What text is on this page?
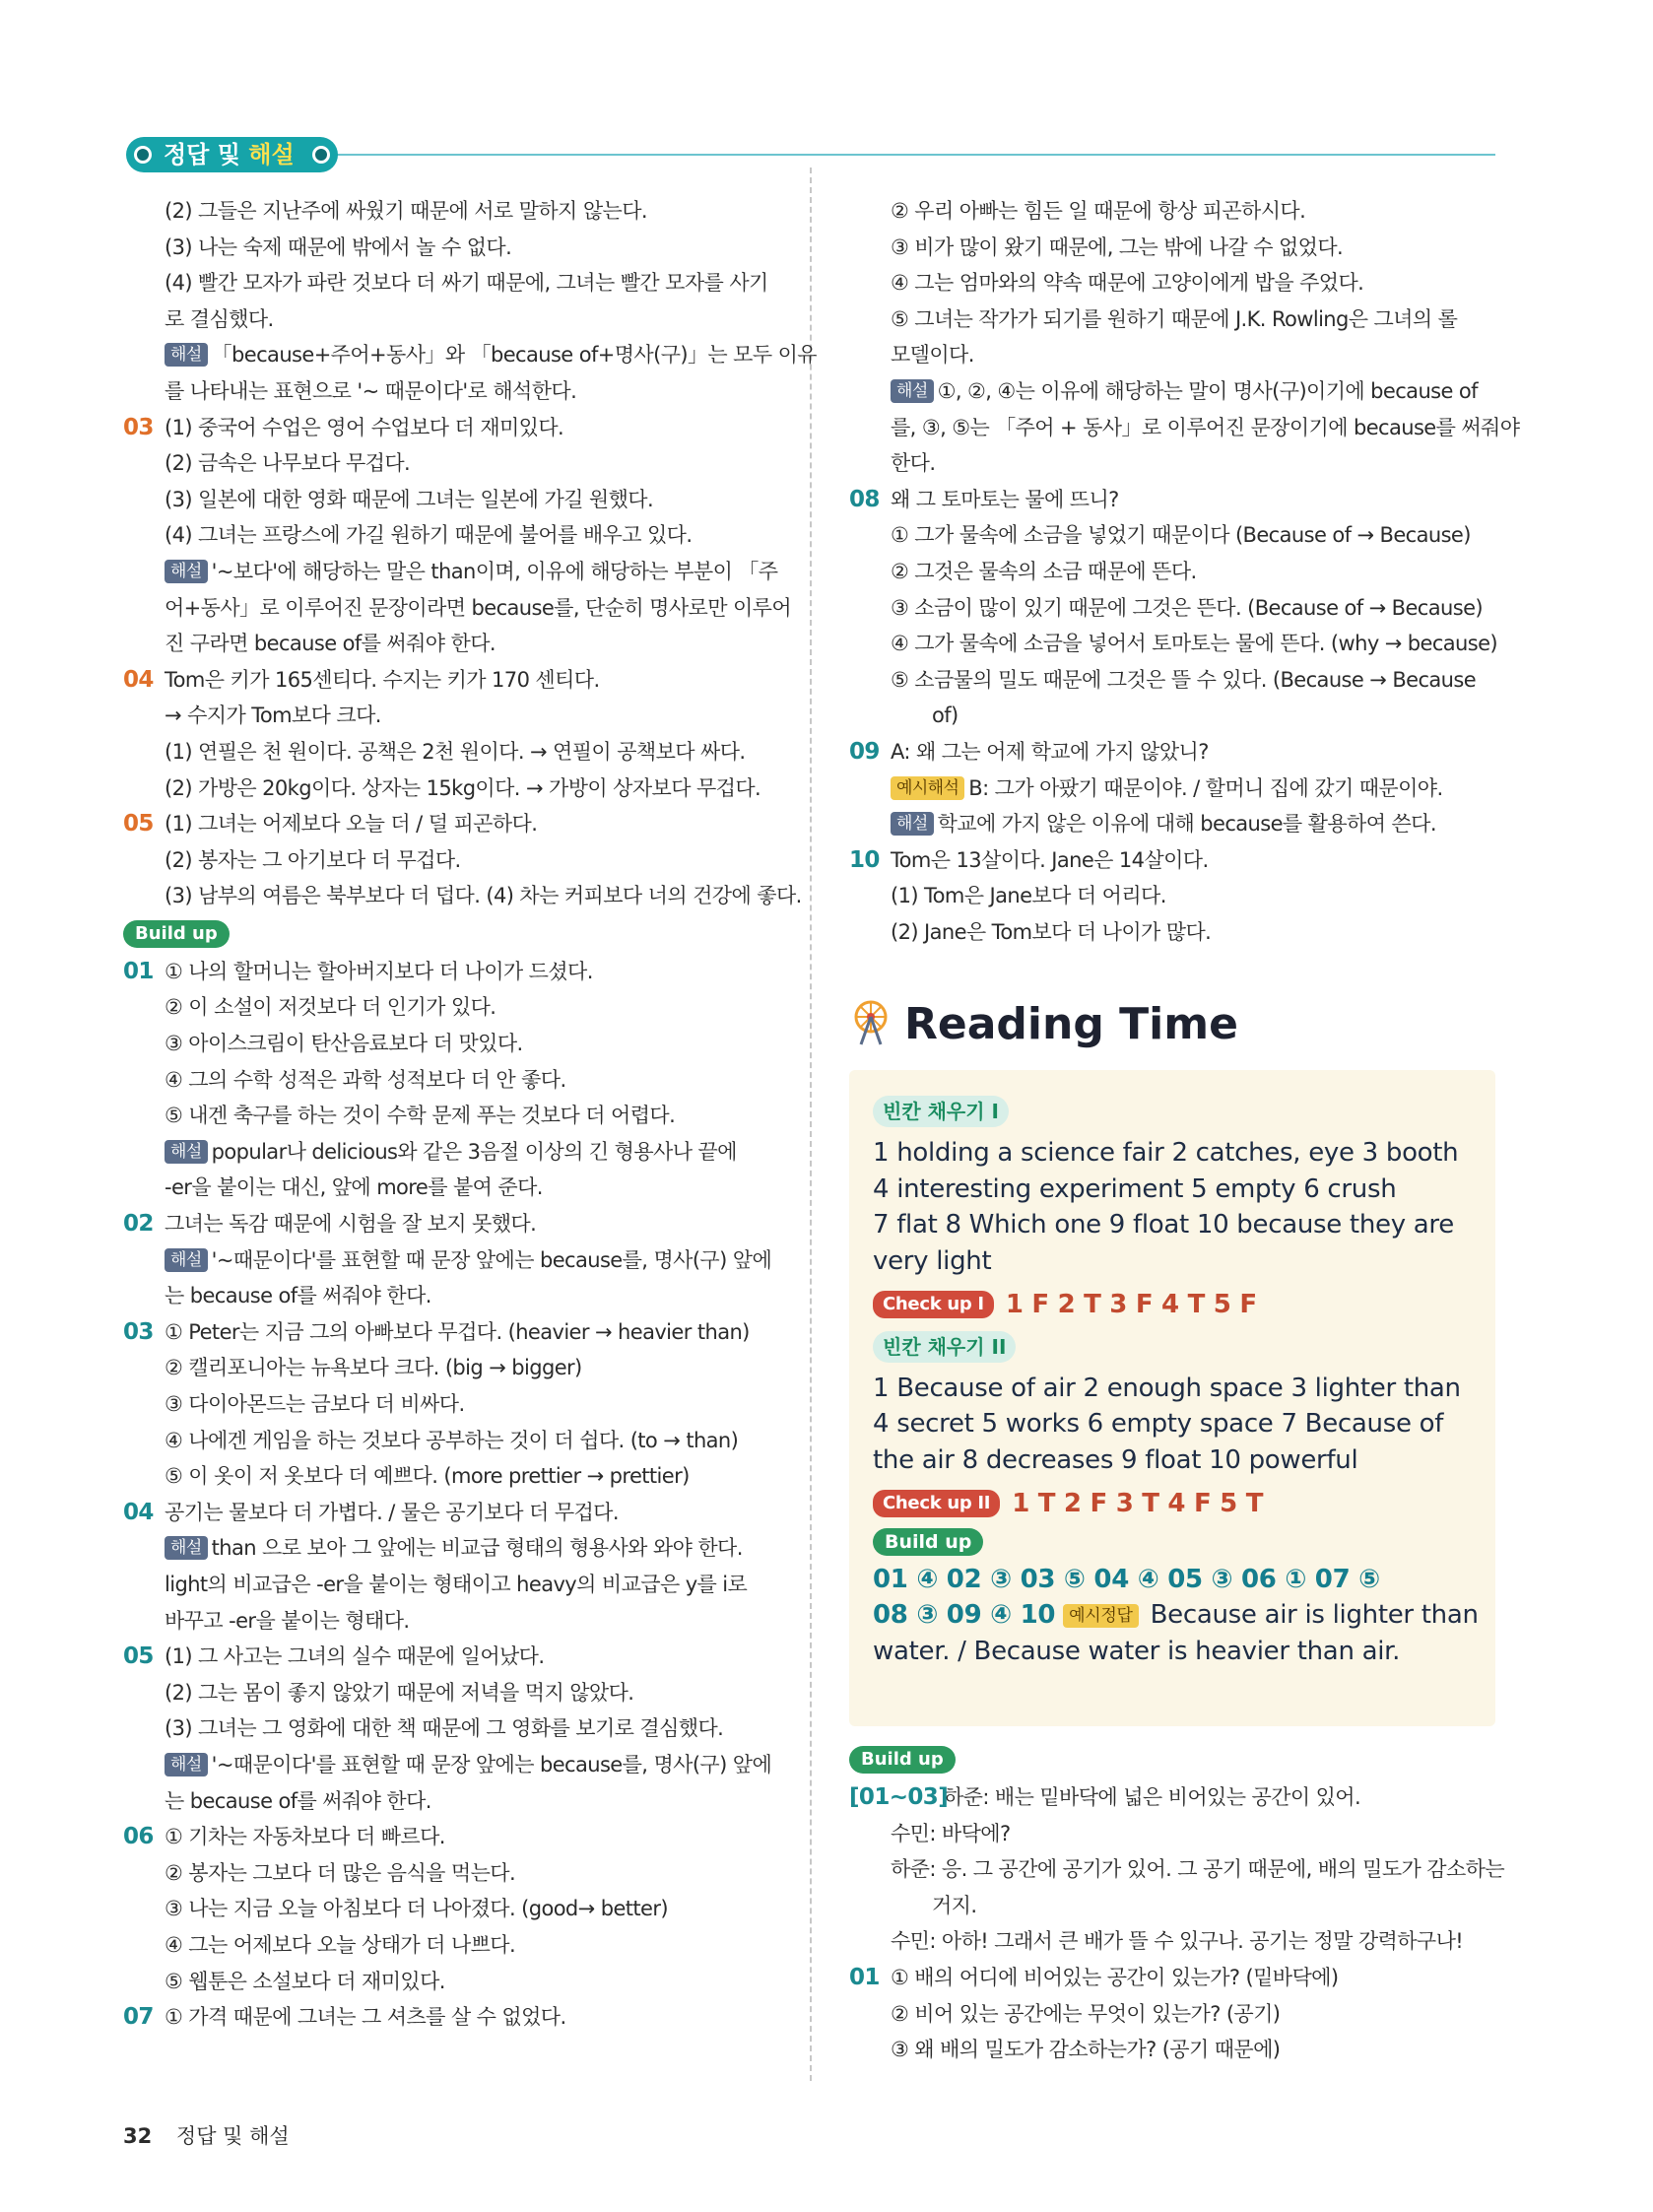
정답 및 해설
(2) 그들은 지난주에 싸웠기 때문에 서로 말하지 않는다.
(3) 나는 숙제 때문에 밖에서 놀 수 없다.
(4) 빨간 모자가 파란 것보다 더 싸기 때문에, 그녀는 빨간 모자를 사기
로 결심했다.
해설 「because+주어+동사」와 「because of+명사(구)」는 모두 이유
를 나타내는 표현으로 '~ 때문이다'로 해석한다.
03 (1) 중국어 수업은 영어 수업보다 더 재미있다.
(2) 금속은 나무보다 무겁다.
(3) 일본에 대한 영화 때문에 그녀는 일본에 가길 원했다.
(4) 그녀는 프랑스에 가길 원하기 때문에 불어를 배우고 있다.
해설 '~보다'에 해당하는 말은 than이며, 이유에 해당하는 부분이 「주
어+동사」로 이루어진 문장이라면 because를, 단순히 명사로만 이루어
진 구라면 because of를 써줘야 한다.
04 Tom은 키가 165센티다. 수지는 키가 170 센티다.
→ 수지가 Tom보다 크다.
(1) 연필은 천 원이다. 공책은 2천 원이다. → 연필이 공책보다 싸다.
(2) 가방은 20kg이다. 상자는 15kg이다. → 가방이 상자보다 무겁다.
05 (1) 그녀는 어제보다 오늘 더 / 덜 피곤하다.
(2) 봉자는 그 아기보다 더 무겁다.
(3) 남부의 여름은 북부보다 더 덥다. (4) 차는 커피보다 너의 건강에 좋다.
Build up
01 ① 나의 할머니는 할아버지보다 더 나이가 드셨다.
② 이 소설이 저것보다 더 인기가 있다.
③ 아이스크림이 탄산음료보다 더 맛있다.
④ 그의 수학 성적은 과학 성적보다 더 안 좋다.
⑤ 내겐 축구를 하는 것이 수학 문제 푸는 것보다 더 어렵다.
해설 popular나 delicious와 같은 3음절 이상의 긴 형용사나 끝에
-er을 붙이는 대신, 앞에 more를 붙여 준다.
02 그녀는 독감 때문에 시험을 잘 보지 못했다.
해설 '~때문이다'를 표현할 때 문장 앞에는 because를, 명사(구) 앞에
는 because of를 써줘야 한다.
03 ① Peter는 지금 그의 아빠보다 무겁다. (heavier → heavier than)
② 캘리포니아는 뉴욕보다 크다. (big → bigger)
③ 다이아몬드는 금보다 더 비싸다.
④ 나에겐 게임을 하는 것보다 공부하는 것이 더 쉽다. (to → than)
⑤ 이 옷이 저 옷보다 더 예쁘다. (more prettier → prettier)
04 공기는 물보다 더 가볍다. / 물은 공기보다 더 무겁다.
해설 than 으로 보아 그 앞에는 비교급 형태의 형용사와 와야 한다.
light의 비교급은 -er을 붙이는 형태이고 heavy의 비교급은 y를 i로
바꾸고 -er을 붙이는 형태다.
05 (1) 그 사고는 그녀의 실수 때문에 일어났다.
(2) 그는 몸이 좋지 않았기 때문에 저녁을 먹지 않았다.
(3) 그녀는 그 영화에 대한 책 때문에 그 영화를 보기로 결심했다.
해설 '~때문이다'를 표현할 때 문장 앞에는 because를, 명사(구) 앞에
는 because of를 써줘야 한다.
06 ① 기차는 자동차보다 더 빠르다.
② 봉자는 그보다 더 많은 음식을 먹는다.
③ 나는 지금 오늘 아침보다 더 나아졌다. (good→ better)
④ 그는 어제보다 오늘 상태가 더 나쁘다.
⑤ 웹툰은 소설보다 더 재미있다.
07 ① 가격 때문에 그녀는 그 셔츠를 살 수 없었다.
② 우리 아빠는 힘든 일 때문에 항상 피곤하시다.
③ 비가 많이 왔기 때문에, 그는 밖에 나갈 수 없었다.
④ 그는 엄마와의 약속 때문에 고양이에게 밥을 주었다.
⑤ 그녀는 작가가 되기를 원하기 때문에 J.K. Rowling은 그녀의 롤
모델이다.
해설 ①, ②, ④는 이유에 해당하는 말이 명사(구)이기에 because of
를, ③, ⑤는 「주어 + 동사」로 이루어진 문장이기에 because를 써줘야
한다.
08 왜 그 토마토는 물에 뜨니?
① 그가 물속에 소금을 넣었기 때문이다 (Because of → Because)
② 그것은 물속의 소금 때문에 뜬다.
③ 소금이 많이 있기 때문에 그것은 뜬다. (Because of → Because)
④ 그가 물속에 소금을 넣어서 토마토는 물에 뜬다. (why → because)
⑤ 소금물의 밀도 때문에 그것은 뜰 수 있다. (Because → Because
of)
09 A: 왜 그는 어제 학교에 가지 않았니?
예시해석 B: 그가 아팠기 때문이야. / 할머니 집에 갔기 때문이야.
해설 학교에 가지 않은 이유에 대해 because를 활용하여 쓴다.
10 Tom은 13살이다. Jane은 14살이다.
(1) Tom은 Jane보다 더 어리다.
(2) Jane은 Tom보다 더 나이가 많다.
Reading Time
빈칸 채우기 I
1 holding a science fair 2 catches, eye 3 booth
4 interesting experiment 5 empty 6 crush
7 flat 8 Which one 9 float 10 because they are
very light
Check up I 1 F 2 T 3 F 4 T 5 F
빈칸 채우기 II
1 Because of air 2 enough space 3 lighter than
4 secret 5 works 6 empty space 7 Because of
the air 8 decreases 9 float 10 powerful
Check up II 1 T 2 F 3 T 4 F 5 T
Build up
01 ④ 02 ③ 03 ⑤ 04 ④ 05 ③ 06 ① 07 ⑤
08 ③ 09 ④ 10 예시정답 Because air is lighter than
water. / Because water is heavier than air.
Build up
[01~03]
하준: 배는 밑바닥에 넓은 비어있는 공간이 있어.
수민: 바닥에?
하준: 응. 그 공간에 공기가 있어. 그 공기 때문에, 배의 밀도가 감소하는
거지.
수민: 아하! 그래서 큰 배가 뜰 수 있구나. 공기는 정말 강력하구나!
01 ① 배의 어디에 비어있는 공간이 있는가? (밑바닥에)
② 비어 있는 공간에는 무엇이 있는가? (공기)
③ 왜 배의 밀도가 감소하는가? (공기 때문에)
32 정답 및 해설
